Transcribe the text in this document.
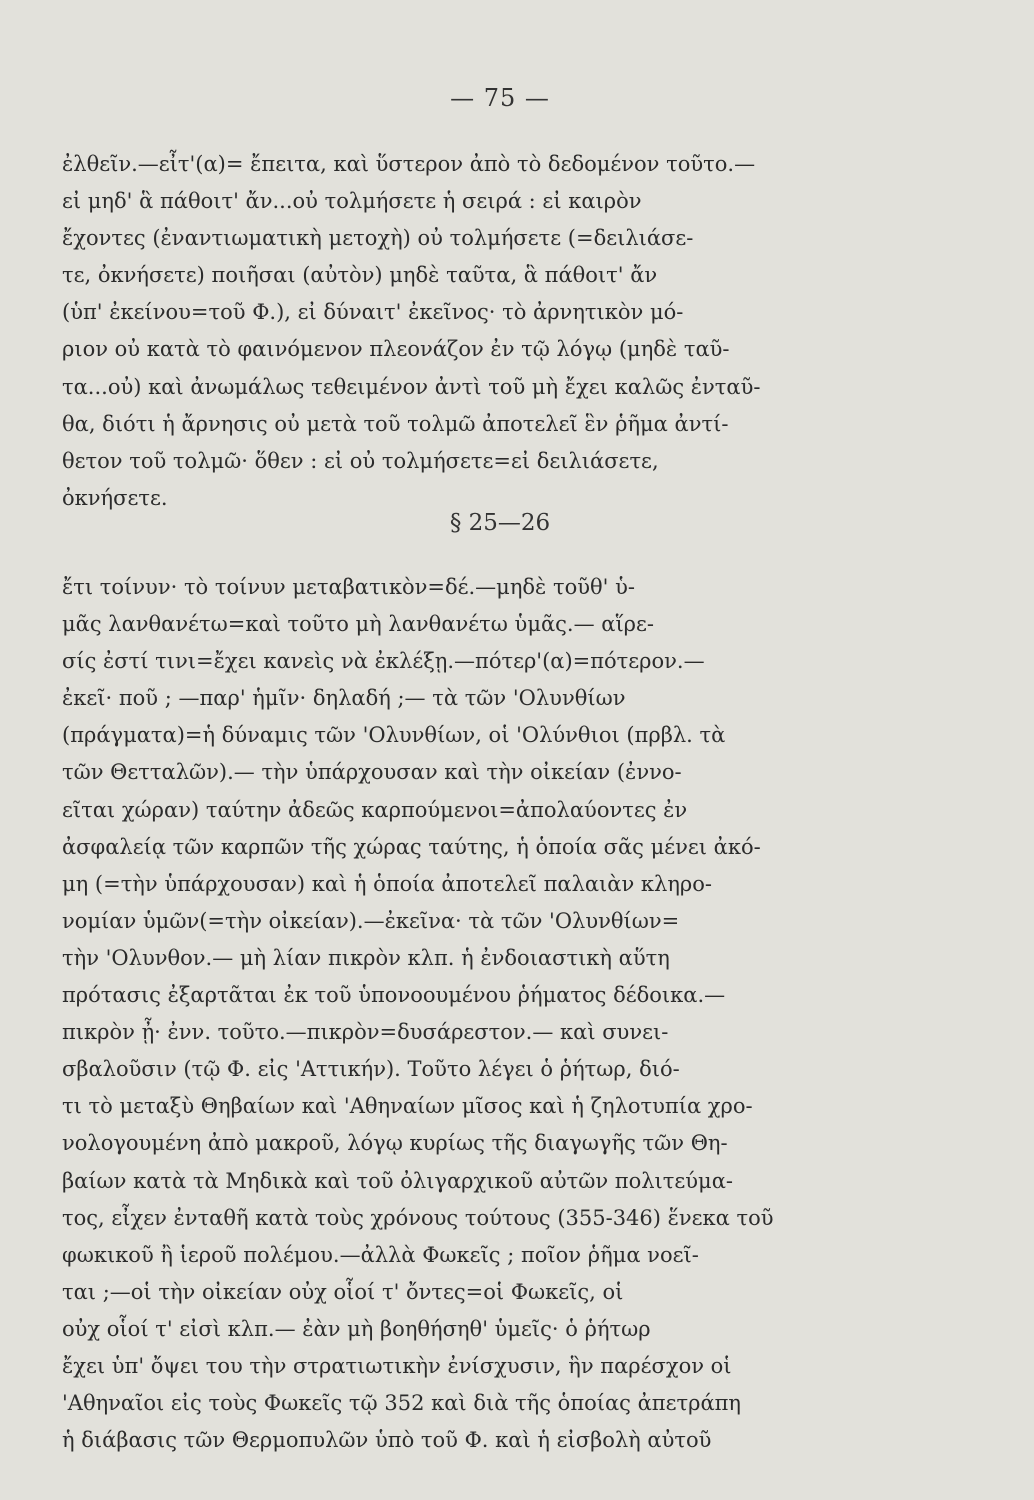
— 75 —

ἐλθεῖν.—εἶτ'(α)= ἔπειτα, καὶ ὕστερον ἀπὸ τὸ δεδομένον τοῦτο.—

εἰ μηδ' ἃ πάθοιτ' ἄν...οὐ τολμήσετε ἡ σειρά : εἰ καιρὸν

ἔχοντες (ἐναντιωματικὴ μετοχὴ) οὐ τολμήσετε (=δειλιάσε-

τε, ὀκνήσετε) ποιῆσαι (αὐτὸν) μηδὲ ταῦτα, ἃ πάθοιτ' ἄν

(ὑπ' ἐκείνου=τοῦ Φ.), εἰ δύναιτ' ἐκεῖνος· τὸ ἀρνητικὸν μό-

ριον οὐ κατὰ τὸ φαινόμενον πλεονάζον ἐν τῷ λόγῳ (μηδὲ ταῦ-

τα...οὐ) καὶ ἀνωμάλως τεθειμένον ἀντὶ τοῦ μὴ ἔχει καλῶς ἐνταῦ-

θα, διότι ἡ ἄρνησις οὐ μετὰ τοῦ τολμῶ ἀποτελεῖ ἓν ῥῆμα ἀντί-

θετον τοῦ τολμῶ· ὅθεν : εἰ οὐ τολμήσετε=εἰ δειλιάσετε,

ὀκνήσετε.

§ 25—26

ἔτι τοίνυν· τὸ τοίνυν μεταβατικὸν=δέ.—μηδὲ τοῦθ' ὑ-

μᾶς λανθανέτω=καὶ τοῦτο μὴ λανθανέτω ὑμᾶς.— αἵρε-

σίς ἐστί τινι=ἔχει κανεὶς νὰ ἐκλέξῃ.—πότερ'(α)=πότερον.—

ἐκεῖ· ποῦ ; —παρ' ἡμῖν· δηλαδή ;— τὰ τῶν 'Ολυνθίων

(πράγματα)=ἡ δύναμις τῶν 'Ολυνθίων, οἱ 'Ολύνθιοι (πρβλ. τὰ

τῶν Θετταλῶν).— τὴν ὑπάρχουσαν καὶ τὴν οἰκείαν (ἐννο-

εῖται χώραν) ταύτην ἀδεῶς καρπούμενοι=ἀπολαύοντες ἐν

ἀσφαλείᾳ τῶν καρπῶν τῆς χώρας ταύτης, ἡ ὁποία σᾶς μένει ἀκό-

μη (=τὴν ὑπάρχουσαν) καὶ ἡ ὁποία ἀποτελεῖ παλαιὰν κληρο-

νομίαν ὑμῶν(=τὴν οἰκείαν).—ἐκεῖνα· τὰ τῶν 'Ολυνθίων=

τὴν 'Ολυνθον.— μὴ λίαν πικρὸν κλπ. ἡ ἐνδοιαστικὴ αὕτη

πρότασις ἐξαρτᾶται ἐκ τοῦ ὑπονοουμένου ῥήματος δέδοικα.—

πικρὸν ᾖ· ἐνν. τοῦτο.—πικρὸν=δυσάρεστον.— καὶ συνει-

σβαλοῦσιν (τῷ Φ. εἰς 'Αττικήν). Τοῦτο λέγει ὁ ῥήτωρ, διό-

τι τὸ μεταξὺ Θηβαίων καὶ 'Αθηναίων μῖσος καὶ ἡ ζηλοτυπία χρο-

νολογουμένη ἀπὸ μακροῦ, λόγῳ κυρίως τῆς διαγωγῆς τῶν Θη-

βαίων κατὰ τὰ Μηδικὰ καὶ τοῦ ὀλιγαρχικοῦ αὐτῶν πολιτεύμα-

τος, εἶχεν ἐνταθῆ κατὰ τοὺς χρόνους τούτους (355-346) ἕνεκα τοῦ

φωκικοῦ ἢ ἱεροῦ πολέμου.—ἀλλὰ Φωκεῖς ; ποῖον ῥῆμα νοεῖ-

ται ;—οἱ τὴν οἰκείαν οὐχ οἷοί τ' ὄντες=οἱ Φωκεῖς, οἱ

οὐχ οἷοί τ' εἰσὶ κλπ.— ἐὰν μὴ βοηθήσηθ' ὑμεῖς· ὁ ῥήτωρ

ἔχει ὑπ' ὄψει του τὴν στρατιωτικὴν ἐνίσχυσιν, ἣν παρέσχον οἱ

'Αθηναῖοι εἰς τοὺς Φωκεῖς τῷ 352 καὶ διὰ τῆς ὁποίας ἀπετράπη

ἡ διάβασις τῶν Θερμοπυλῶν ὑπὸ τοῦ Φ. καὶ ἡ εἰσβολὴ αὐτοῦ
